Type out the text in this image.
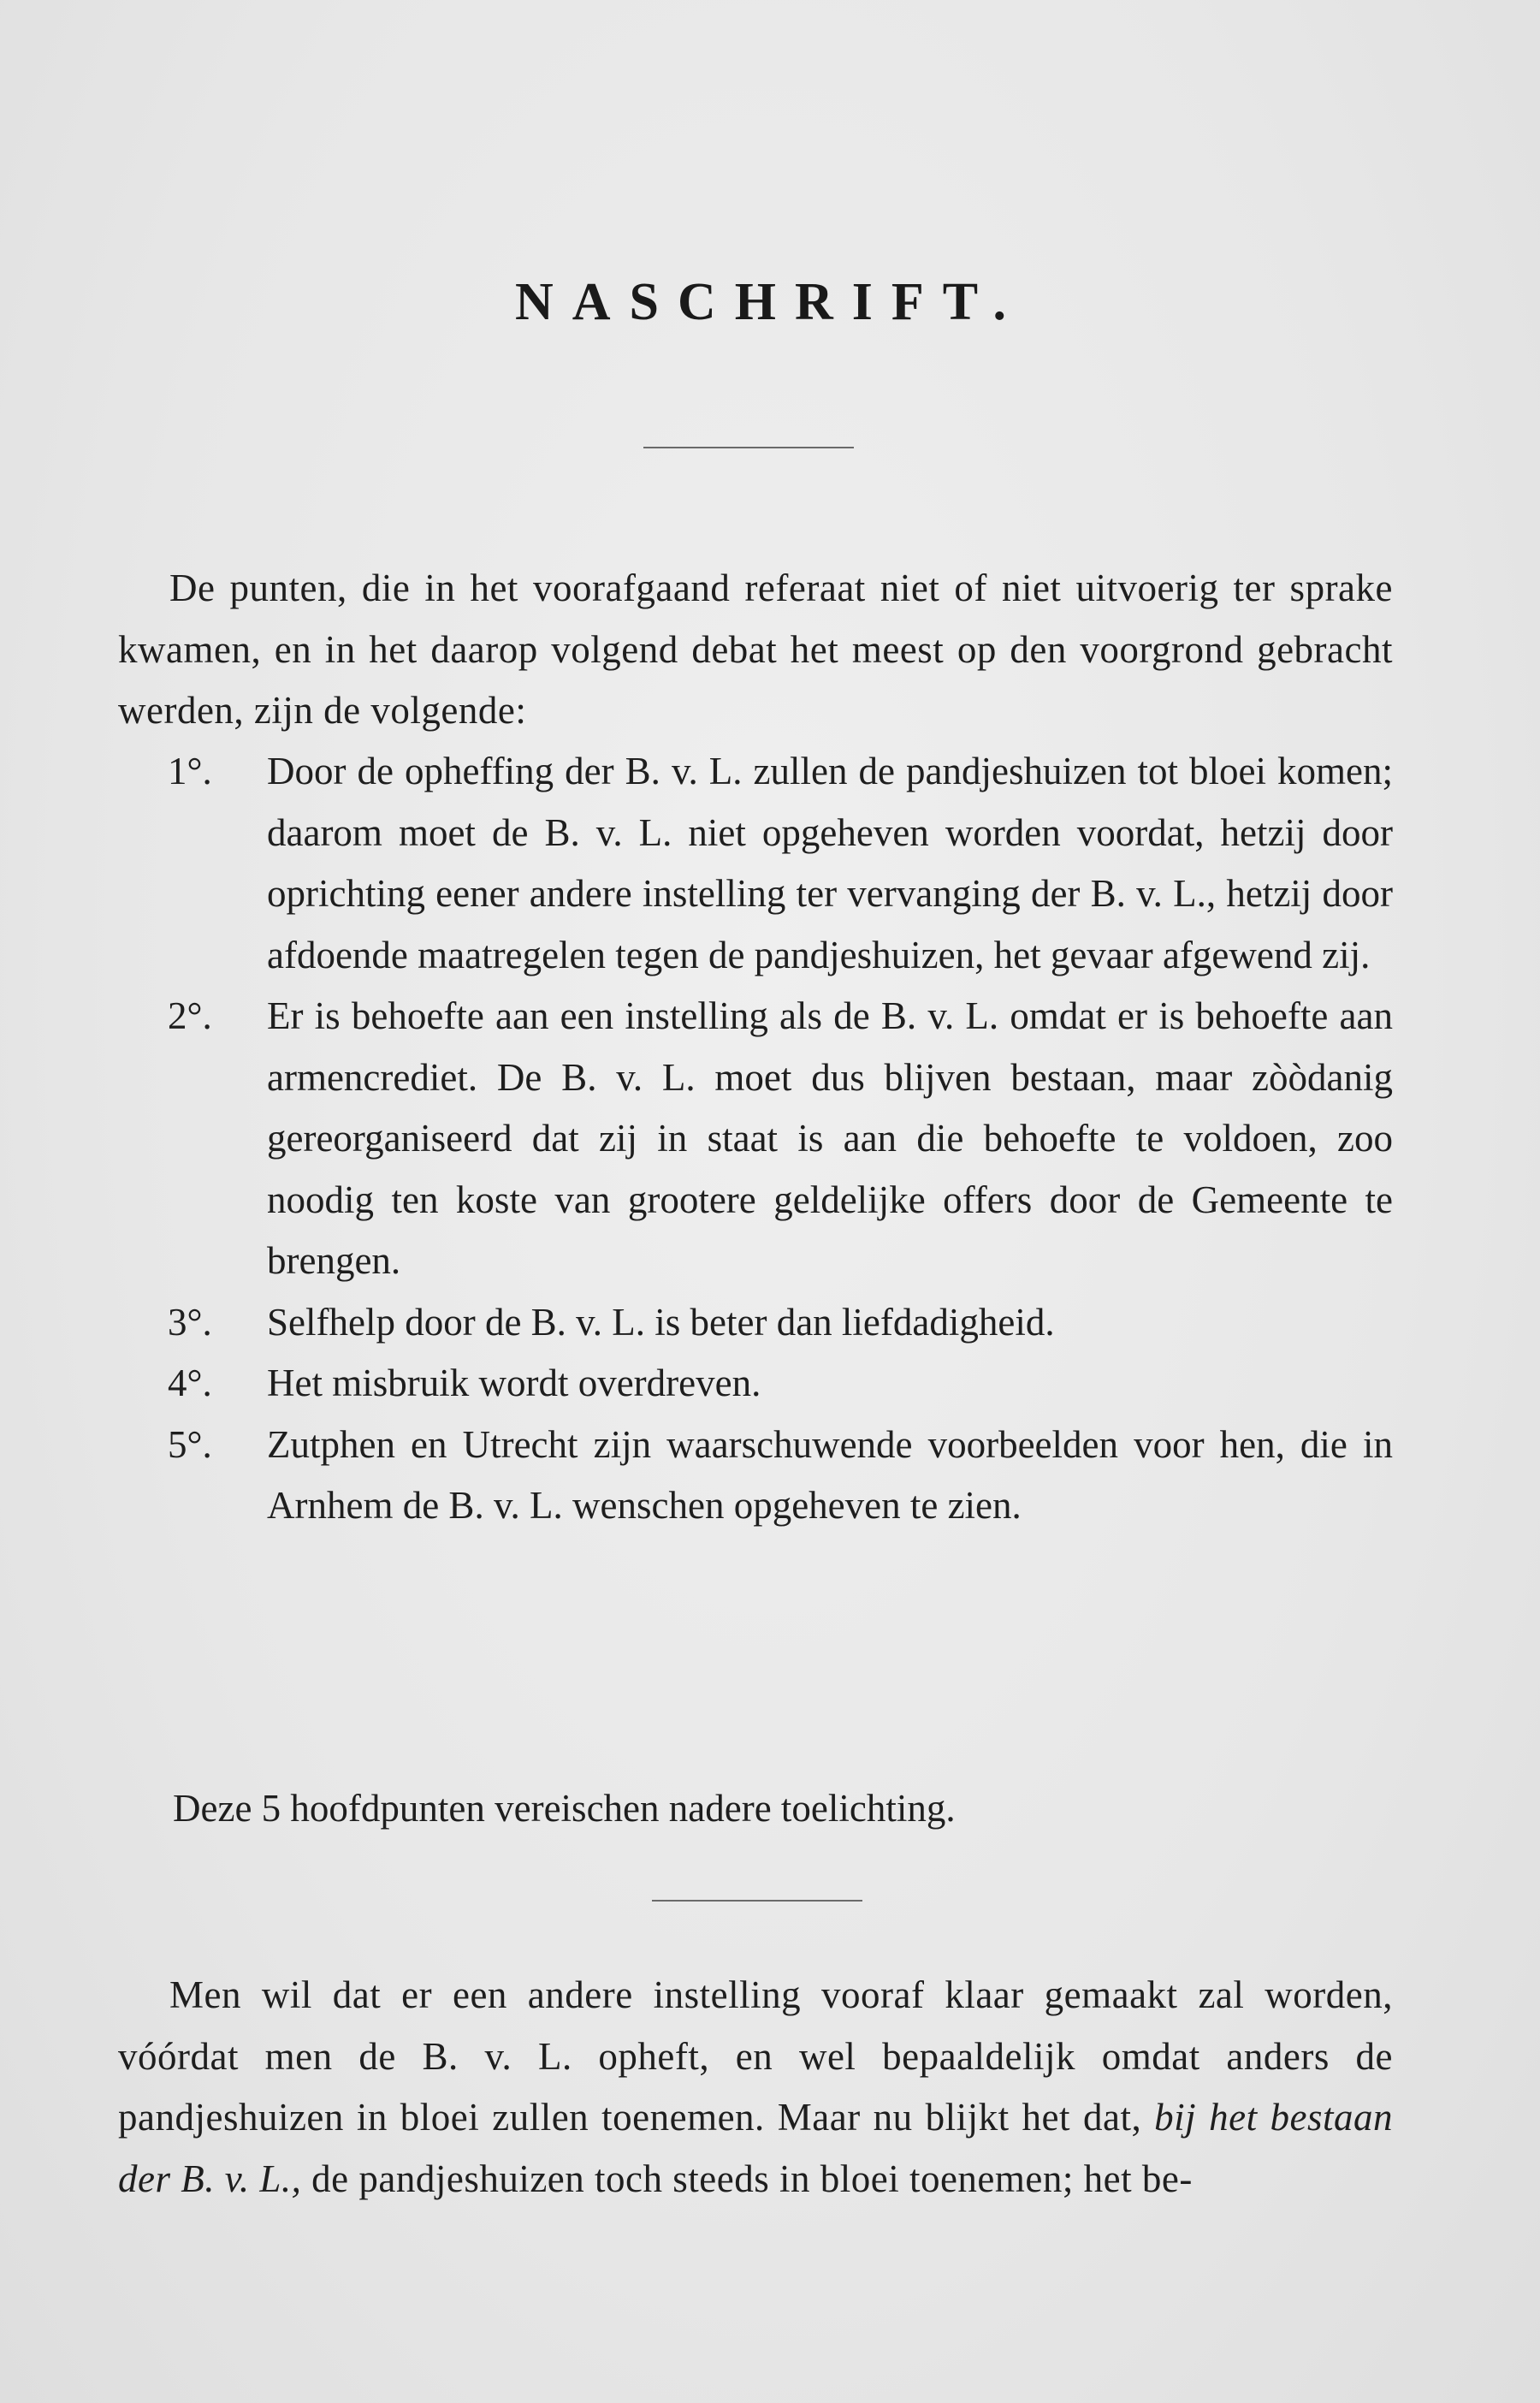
NASCHRIFT.
De punten, die in het voorafgaand referaat niet of niet uitvoerig ter sprake kwamen, en in het daarop volgend debat het meest op den voorgrond gebracht werden, zijn de volgende:
1°.	Door de opheffing der B. v. L. zullen de pandjeshuizen tot bloei komen; daarom moet de B. v. L. niet opgeheven worden voordat, hetzij door oprichting eener andere instelling ter vervanging der B. v. L., hetzij door afdoende maatregelen tegen de pandjeshuizen, het gevaar afgewend zij.
2°.	Er is behoefte aan een instelling als de B. v. L. omdat er is behoefte aan armencrediet. De B. v. L. moet dus blijven bestaan, maar zòòdanig gereorganiseerd dat zij in staat is aan die behoefte te voldoen, zoo noodig ten koste van grootere geldelijke offers door de Gemeente te brengen.
3°.	Selfhelp door de B. v. L. is beter dan liefdadigheid.
4°.	Het misbruik wordt overdreven.
5°.	Zutphen en Utrecht zijn waarschuwende voorbeelden voor hen, die in Arnhem de B. v. L. wenschen opgeheven te zien.
Deze 5 hoofdpunten vereischen nadere toelichting.
Men wil dat er een andere instelling vooraf klaar gemaakt zal worden, vóórdat men de B. v. L. opheft, en wel bepaaldelijk omdat anders de pandjeshuizen in bloei zullen toenemen. Maar nu blijkt het dat, bij het bestaan der B. v. L., de pandjeshuizen toch steeds in bloei toenemen; het be-
